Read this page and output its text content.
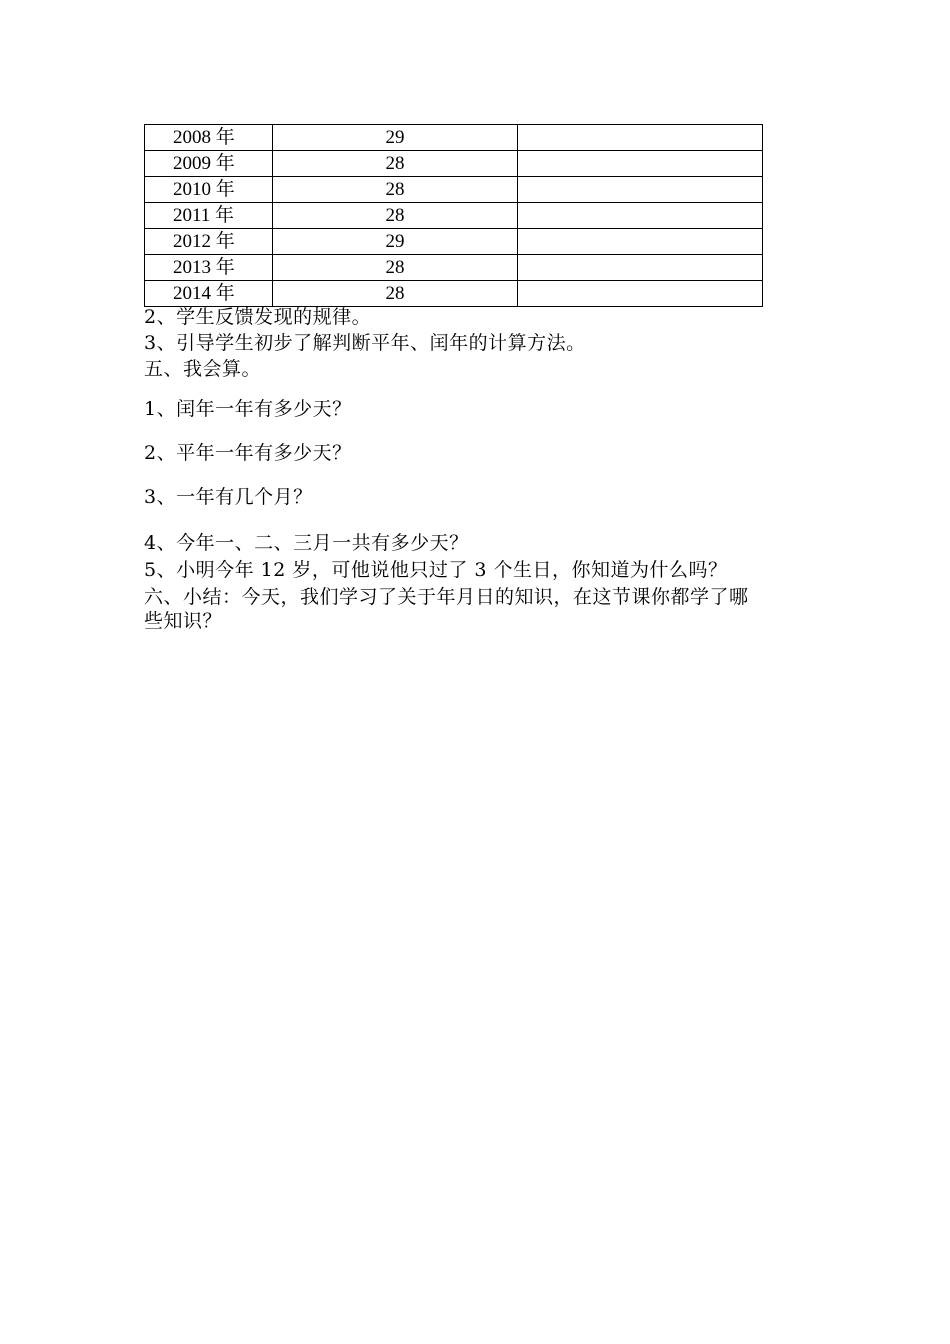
2008 年	29	
2009 年	28	
2010 年	28	
2011 年	28	
2012 年	29	
2013 年	28	
2014 年	28	
2、学生反馈发现的规律。
3、引导学生初步了解判断平年、闰年的计算方法。
五、我会算。
1、闰年一年有多少天？
2、平年一年有多少天？
3、一年有几个月？
4、今年一、二、三月一共有多少天？
5、小明今年 12 岁，可他说他只过了 3 个生日，你知道为什么吗？
六、小结：今天，我们学习了关于年月日的知识，在这节课你都学了哪
些知识？
